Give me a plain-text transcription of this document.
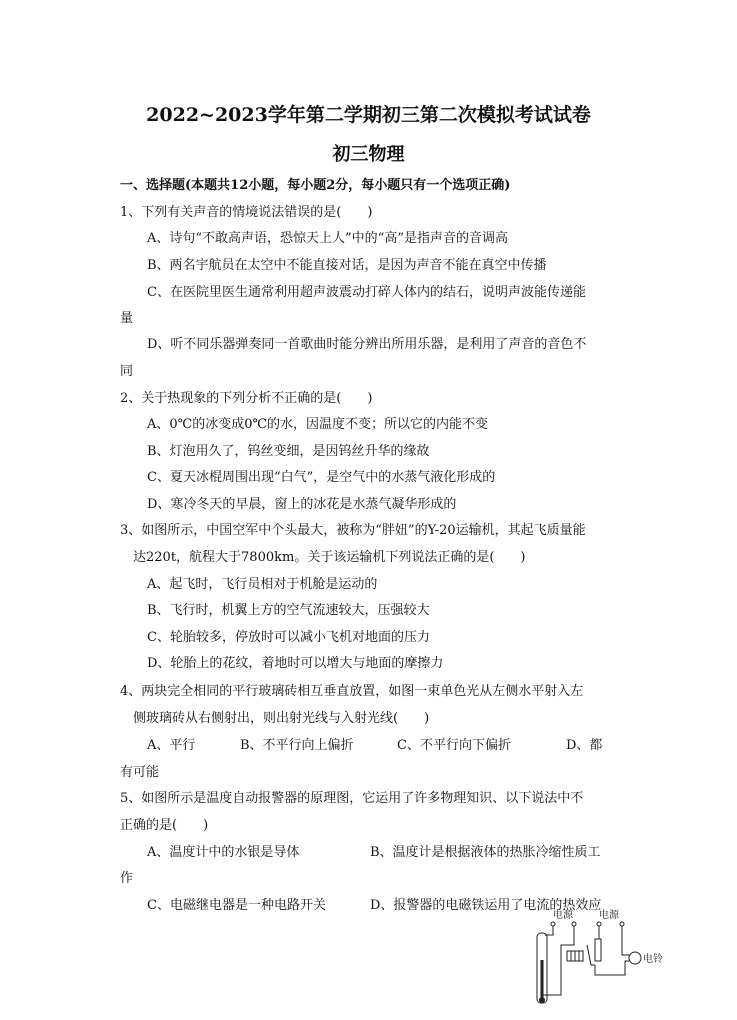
2022~2023学年第二学期初三第二次模拟考试试卷
初三物理
一、选择题(本题共12小题，每小题2分，每小题只有一个选项正确)
1、下列有关声音的情境说法错误的是(　　)
A、诗句“不敢高声语，恐惊天上人”中的“高”是指声音的音调高
B、两名宇航员在太空中不能直接对话，是因为声音不能在真空中传播
C、在医院里医生通常利用超声波震动打碎人体内的结石，说明声波能传递能
量
D、听不同乐器弹奏同一首歌曲时能分辨出所用乐器，是利用了声音的音色不
同
2、关于热现象的下列分析不正确的是(　　)
A、0℃的冰变成0℃的水，因温度不变；所以它的内能不变
B、灯泡用久了，钨丝变细，是因钨丝升华的缘故
C、夏天冰棍周围出现“白气”，是空气中的水蒸气液化形成的
D、寒冷冬天的早晨，窗上的冰花是水蒸气凝华形成的
3、如图所示，中国空军中个头最大，被称为“胖妞”的Y-20运输机，其起飞质量能
达220t，航程大于7800km。关于该运输机下列说法正确的是(　　)
A、起飞时，飞行员相对于机舱是运动的
B、飞行时，机翼上方的空气流速较大，压强较大
C、轮胎较多，停放时可以减小飞机对地面的压力
D、轮胎上的花纹，着地时可以增大与地面的摩擦力
4、两块完全相同的平行玻璃砖相互垂直放置，如图一束单色光从左侧水平射入左
侧玻璃砖从右侧射出，则出射光线与入射光线(　　)
A、平行	B、不平行向上偏折	C、不平行向下偏折	D、都
有可能
5、如图所示是温度自动报警器的原理图，它运用了许多物理知识、以下说法中不
正确的是(　　)
A、温度计中的水银是导体	B、温度计是根据液体的热胀冷缩性质工
作
C、电磁继电器是一种电路开关	D、报警器的电磁铁运用了电流的热效应
电源	电源
电铃
